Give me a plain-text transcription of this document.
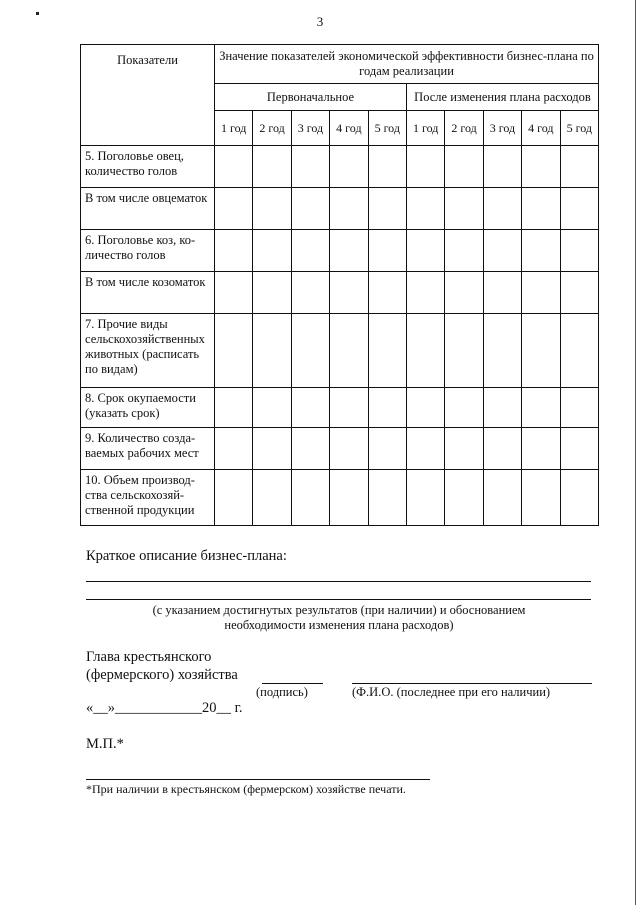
3
Показатели	Значение показателей экономической эффективности бизнес-плана по годам реализации									
	Первоначальное					После изменения плана расходов				
	1 год	2 год	3 год	4 год	5 год	1 год	2 год	3 год	4 год	5 год
5. Поголовье овец, количество голов										
В том числе овцематок										
6. Поголовье коз, ко-личество голов										
В том числе козоматок										
7. Прочие виды сельскохозяйственных животных (расписать по видам)										
8. Срок окупаемости (указать срок)										
9. Количество созда-ваемых рабочих мест										
10. Объем производ-ства сельскохозяй-ственной продукции										
Краткое описание бизнес-плана:
(с указанием достигнутых результатов (при наличии) и обоснованием
необходимости изменения плана расходов)
Глава крестьянского
(фермерского) хозяйства
(подпись)	(Ф.И.О. (последнее при его наличии)
«__»____________20__ г.
М.П.*
*При наличии в крестьянском (фермерском) хозяйстве печати.
